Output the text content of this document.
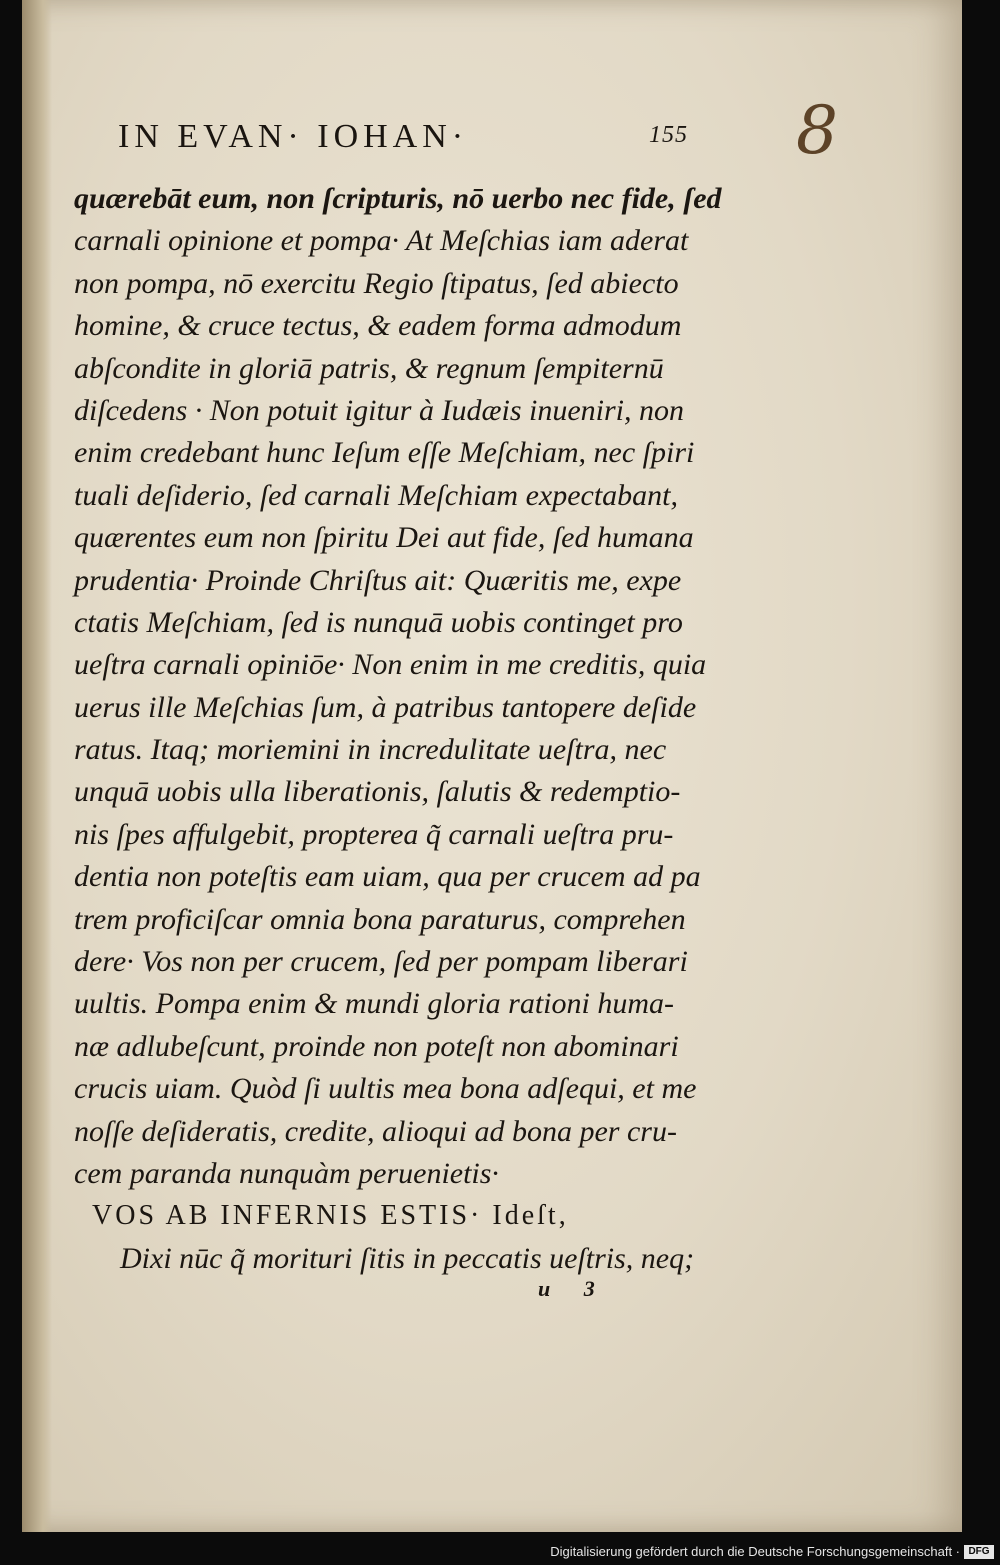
IN EVAN· IOHAN·	155 8
quærebāt eum, non ſcripturis, nō uerbo nec fide, ſed
carnali opinione et pompa· At Meſchias iam aderat
non pompa, nō exercitu Regio ſtipatus, ſed abiecto
homine, & cruce tectus, & eadem forma admodum
abſcondite in gloriā patris, & regnum ſempiternū
diſcedens · Non potuit igitur à Iudæis inueniri, non
enim credebant hunc Ieſum eſſe Meſchiam, nec ſpiri
tuali deſiderio, ſed carnali Meſchiam expectabant,
quærentes eum non ſpiritu Dei aut fide, ſed humana
prudentia· Proinde Chriſtus ait: Quæritis me, expe
ctatis Meſchiam, ſed is nunquā uobis continget pro
ueſtra carnali opiniōe· Non enim in me creditis, quia
uerus ille Meſchias ſum, à patribus tantopere deſide
ratus. Itaq; moriemini in incredulitate ueſtra, nec
unquā uobis ulla liberationis, ſalutis & redemptio-
nis ſpes affulgebit, propterea q̃ carnali ueſtra pru-
dentia non poteſtis eam uiam, qua per crucem ad pa
trem proficiſcar omnia bona paraturus, comprehen
dere· Vos non per crucem, ſed per pompam liberari
uultis. Pompa enim & mundi gloria rationi huma-
næ adlubeſcunt, proinde non poteſt non abominari
crucis uiam. Quòd ſi uultis mea bona adſequi, et me
noſſe deſideratis, credite, alioqui ad bona per cru-
cem paranda nunquàm peruenietis·
VOS AB INFERNIS ESTIS· Ideſt,
Dixi nūc q̃ morituri ſitis in peccatis ueſtris, neq;
u 3
Digitalisierung gefördert durch die Deutsche Forschungsgemeinschaft · DFG
